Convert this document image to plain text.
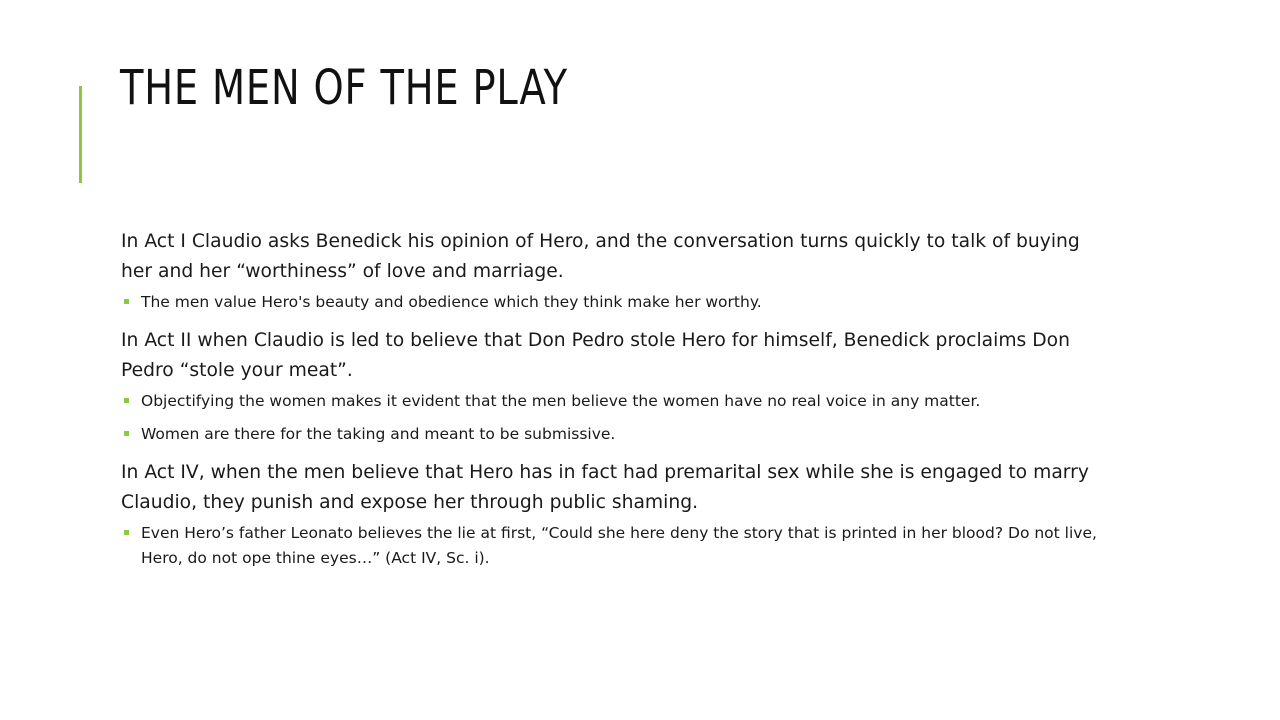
THE MEN OF THE PLAY

In Act I Claudio asks Benedick his opinion of Hero, and the conversation turns quickly to talk of buying her and her “worthiness” of love and marriage.

The men value Hero's beauty and obedience which they think make her worthy.

In Act II when Claudio is led to believe that Don Pedro stole Hero for himself, Benedick proclaims Don Pedro “stole your meat”.

Objectifying the women makes it evident that the men believe the women have no real voice in any matter.
Women are there for the taking and meant to be submissive.

In Act IV, when the men believe that Hero has in fact had premarital sex while she is engaged to marry Claudio, they punish and expose her through public shaming.

Even Hero’s father Leonato believes the lie at first, “Could she here deny the story that is printed in her blood? Do not live, Hero, do not ope thine eyes…” (Act IV, Sc. i).
